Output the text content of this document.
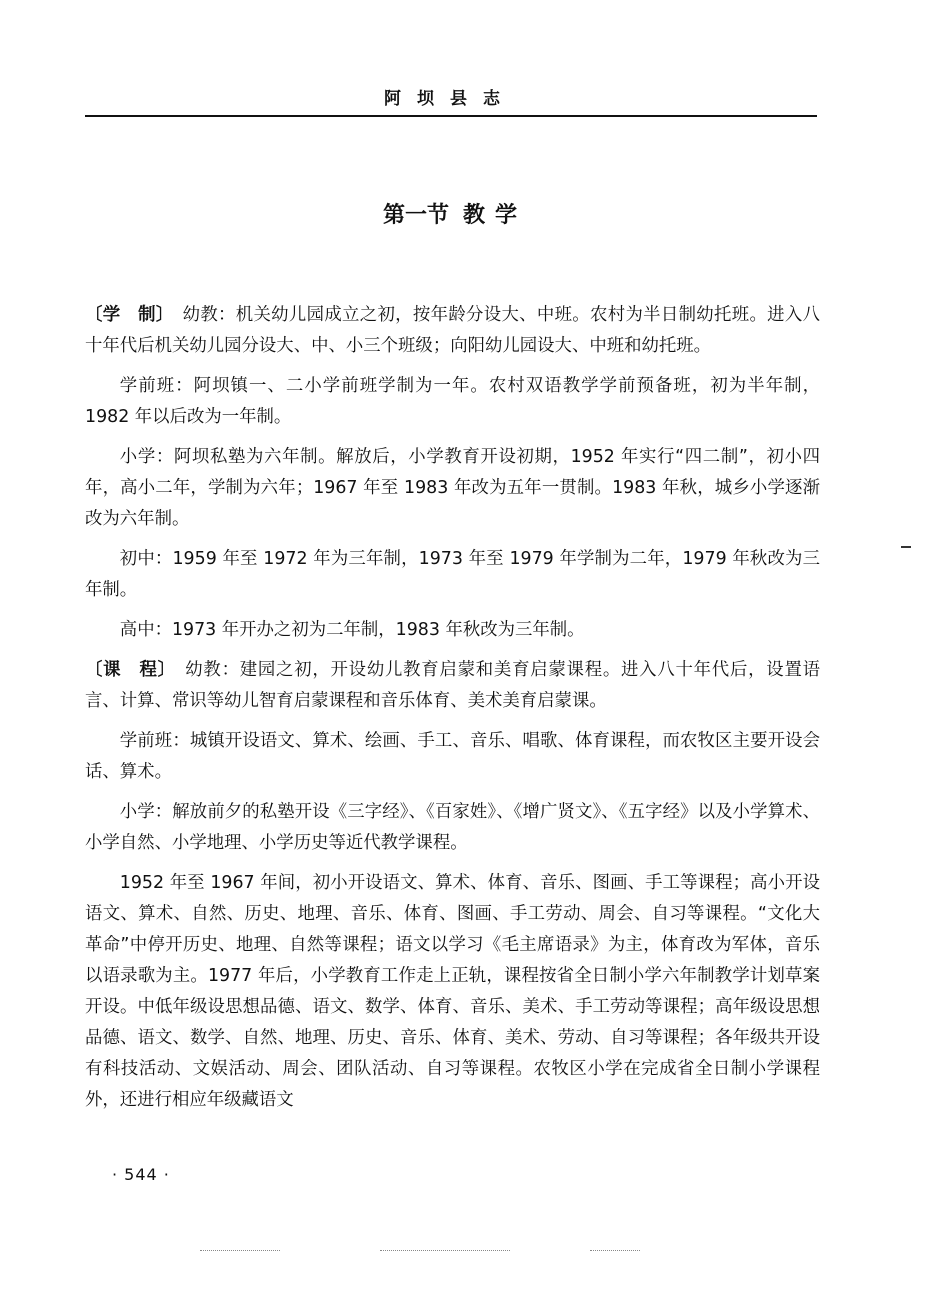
阿坝县志
第一节 教 学

〔学　制〕  幼教：机关幼儿园成立之初，按年龄分设大、中班。农村为半日制幼托班。进入八十年代后机关幼儿园分设大、中、小三个班级；向阳幼儿园设大、中班和幼托班。

学前班：阿坝镇一、二小学前班学制为一年。农村双语教学学前预备班，初为半年制，1982 年以后改为一年制。

小学：阿坝私塾为六年制。解放后，小学教育开设初期，1952 年实行“四二制”，初小四年，高小二年，学制为六年；1967 年至 1983 年改为五年一贯制。1983 年秋，城乡小学逐渐改为六年制。

初中：1959 年至 1972 年为三年制，1973 年至 1979 年学制为二年，1979 年秋改为三年制。

高中：1973 年开办之初为二年制，1983 年秋改为三年制。

〔课　程〕  幼教：建园之初，开设幼儿教育启蒙和美育启蒙课程。进入八十年代后，设置语言、计算、常识等幼儿智育启蒙课程和音乐体育、美术美育启蒙课。

学前班：城镇开设语文、算术、绘画、手工、音乐、唱歌、体育课程，而农牧区主要开设会话、算术。

小学：解放前夕的私塾开设《三字经》、《百家姓》、《增广贤文》、《五字经》以及小学算术、小学自然、小学地理、小学历史等近代教学课程。

1952 年至 1967 年间，初小开设语文、算术、体育、音乐、图画、手工等课程；高小开设语文、算术、自然、历史、地理、音乐、体育、图画、手工劳动、周会、自习等课程。“文化大革命”中停开历史、地理、自然等课程；语文以学习《毛主席语录》为主，体育改为军体，音乐以语录歌为主。1977 年后，小学教育工作走上正轨，课程按省全日制小学六年制教学计划草案开设。中低年级设思想品德、语文、数学、体育、音乐、美术、手工劳动等课程；高年级设思想品德、语文、数学、自然、地理、历史、音乐、体育、美术、劳动、自习等课程；各年级共开设有科技活动、文娱活动、周会、团队活动、自习等课程。农牧区小学在完成省全日制小学课程外，还进行相应年级藏语文

· 544 ·
